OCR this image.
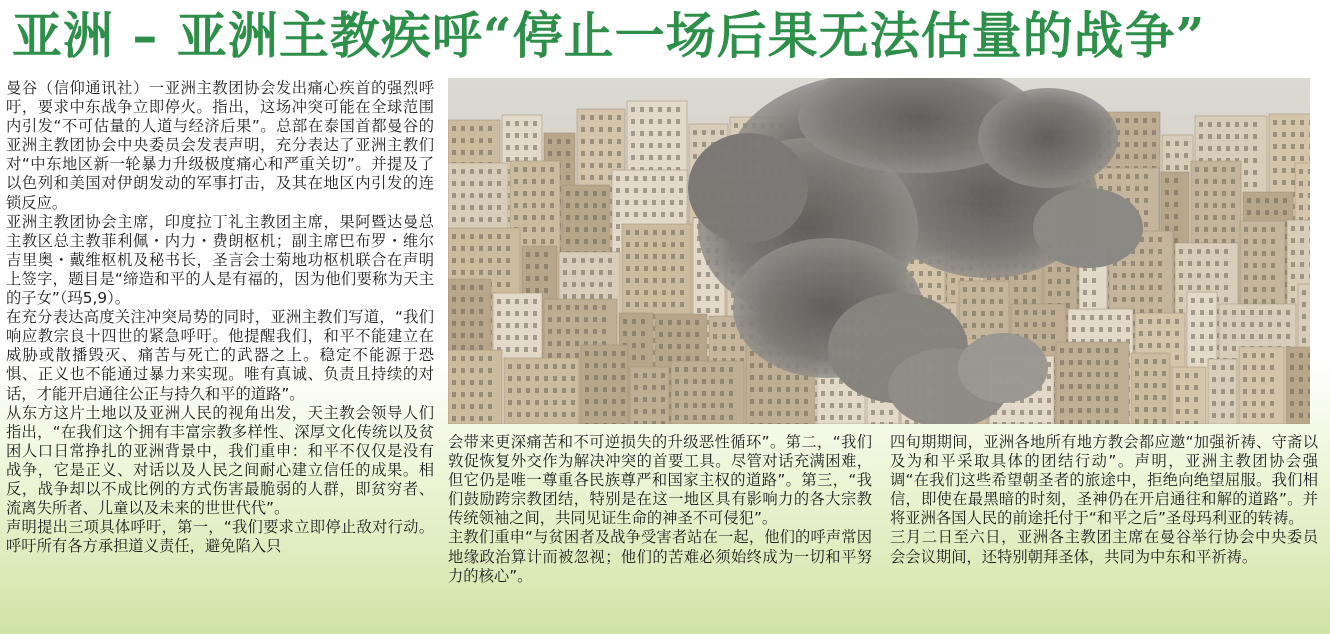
亚洲 – 亚洲主教疾呼“停止一场后果无法估量的战争”

曼谷（信仰通讯社）一亚洲主教团协会发出痛心疾首的强烈呼吁，要求中东战争立即停火。指出，这场冲突可能在全球范围内引发“不可估量的人道与经济后果”。总部在泰国首都曼谷的亚洲主教团协会中央委员会发表声明，充分表达了亚洲主教们对“中东地区新一轮暴力升级极度痛心和严重关切”。并提及了以色列和美国对伊朗发动的军事打击，及其在地区内引发的连锁反应。

亚洲主教团协会主席，印度拉丁礼主教团主席，果阿暨达曼总主教区总主教菲利佩・内力・费朗枢机；副主席巴布罗・维尔吉里奥・戴维枢机及秘书长，圣言会士菊地功枢机联合在声明上签字，题目是“缔造和平的人是有福的，因为他们要称为天主的子女”（玛5,9）。

在充分表达高度关注冲突局势的同时，亚洲主教们写道，“我们响应教宗良十四世的紧急呼吁。他提醒我们，和平不能建立在威胁或散播毁灭、痛苦与死亡的武器之上。稳定不能源于恐惧、正义也不能通过暴力来实现。唯有真诚、负责且持续的对话，才能开启通往公正与持久和平的道路”。

从东方这片土地以及亚洲人民的视角出发，天主教会领导人们指出，“在我们这个拥有丰富宗教多样性、深厚文化传统以及贫困人口日常挣扎的亚洲背景中，我们重申：和平不仅仅是没有战争，它是正义、对话以及人民之间耐心建立信任的成果。相反，战争却以不成比例的方式伤害最脆弱的人群，即贫穷者、流离失所者、儿童以及未来的世世代代”。

声明提出三项具体呼吁，第一，“我们要求立即停止敌对行动。呼吁所有各方承担道义责任，避免陷入只

会带来更深痛苦和不可逆损失的升级恶性循环”。第二，“我们敦促恢复外交作为解决冲突的首要工具。尽管对话充满困难，但它仍是唯一尊重各民族尊严和国家主权的道路”。第三，“我们鼓励跨宗教团结，特别是在这一地区具有影响力的各大宗教传统领袖之间，共同见证生命的神圣不可侵犯”。

主教们重申“与贫困者及战争受害者站在一起，他们的呼声常因地缘政治算计而被忽视；他们的苦难必须始终成为一切和平努力的核心”。

四旬期期间，亚洲各地所有地方教会都应邀“加强祈祷、守斋以及为和平采取具体的团结行动”。声明，亚洲主教团协会强调“在我们这些希望朝圣者的旅途中，拒绝向绝望屈服。我们相信，即使在最黑暗的时刻，圣神仍在开启通往和解的道路”。并将亚洲各国人民的前途托付于“和平之后”圣母玛利亚的转祷。

三月二日至六日，亚洲各主教团主席在曼谷举行协会中央委员会会议期间，还特别朝拜圣体，共同为中东和平祈祷。
